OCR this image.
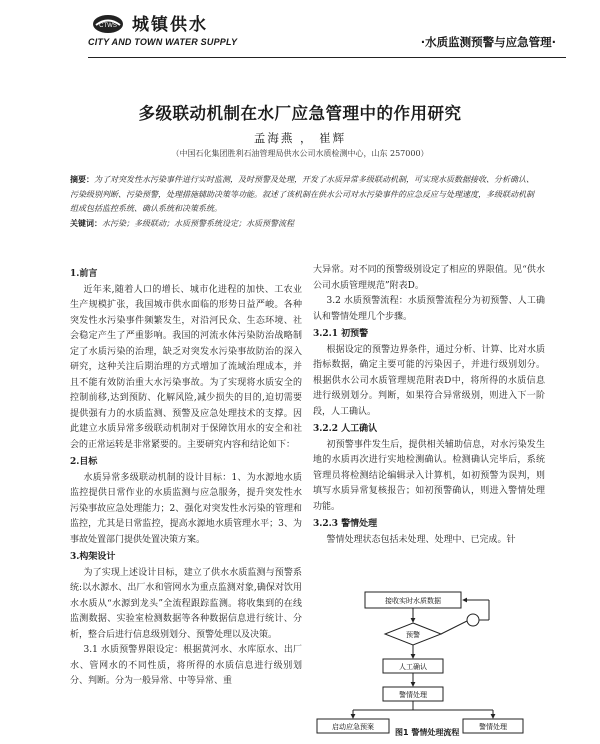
CTWS 城镇供水
CITY AND TOWN WATER SUPPLY	·水质监测预警与应急管理·
多级联动机制在水厂应急管理中的作用研究
孟海燕 ， 崔辉
（中国石化集团胜利石油管理局供水公司水质检测中心，山东 257000）
摘要：为了对突发性水污染事件进行实时监测，及时预警及处理，开发了水质异常多级联动机制，可实现水质数据接收、分析确认、污染级别判断、污染预警，处理措施辅助决策等功能。叙述了该机制在供水公司对水污染事件的应急反应与处理速度，多级联动机制组成包括监控系统、确认系统和决策系统。
关键词：水污染；多级联动；水质预警系统设定；水质预警流程
1.前言
近年来,随着人口的增长、城市化进程的加快、工农业生产规模扩张，我国城市供水面临的形势日益严峻。各种突发性水污染事件频繁发生，对沿河民众、生态环境、社会稳定产生了严重影响。我国的河流水体污染防治战略制定了水质污染的治理，缺乏对突发水污染事故防治的深入研究，这种关注后期治理的方式增加了流域治理成本，并且不能有效防治重大水污染事故。为了实现将水质安全的控制前移,达到预防、化解风险,减少损失的目的,迫切需要提供强有力的水质监测、预警及应急处理技术的支撑。因此建立水质异常多级联动机制对于保障饮用水的安全和社会的正常运转是非常紧要的。主要研究内容和结论如下：
2.目标
水质异常多级联动机制的设计目标：1、为水源地水质监控提供日常作业的水质监测与应急服务，提升突发性水污染事故应急处理能力；2、强化对突发性水污染的管理和监控，尤其是日常监控，提高水源地水质管理水平；3、为事故处置部门提供处置决策方案。
3.构架设计
为了实现上述设计目标，建立了供水水质监测与预警系统:以水源水、出厂水和管网水为重点监测对象,确保对饮用水水质从“水源到龙头”全流程跟踪监测。将收集到的在线监测数据、实验室检测数据等各种数据信息进行统计、分析，整合后进行信息级别划分、预警处理以及决策。
3.1 水质预警界限设定：根据黄河水、水库原水、出厂水、管网水的不同性质，将所得的水质信息进行级别划分、判断。分为一般异常、中等异常、重
大异常。对不同的预警级别设定了相应的界限值。见“供水公司水质管理规范”附表D。
3.2 水质预警流程：水质预警流程分为初预警、人工确认和警情处理几个步骤。
3.2.1 初预警
根据设定的预警边界条件，通过分析、计算、比对水质指标数据，确定主要可能的污染因子，并进行级别划分。根据供水公司水质管理规范附表D中，将所得的水质信息进行级别划分。判断，如果符合异常级别，则进入下一阶段，人工确认。
3.2.2 人工确认
初预警事件发生后，提供相关辅助信息，对水污染发生地的水质再次进行实地检测确认。检测确认完毕后，系统管理员将检测结论编辑录入计算机，如初预警为误判，则填写水质异常复核报告；如初预警确认，则进入警情处理功能。
3.2.3 警情处理
警情处理状态包括未处理、处理中、已完成。针
接收实时水质数据
预警
人工确认
警情处理
启动应急预案	警情处理
图1 警情处理流程
